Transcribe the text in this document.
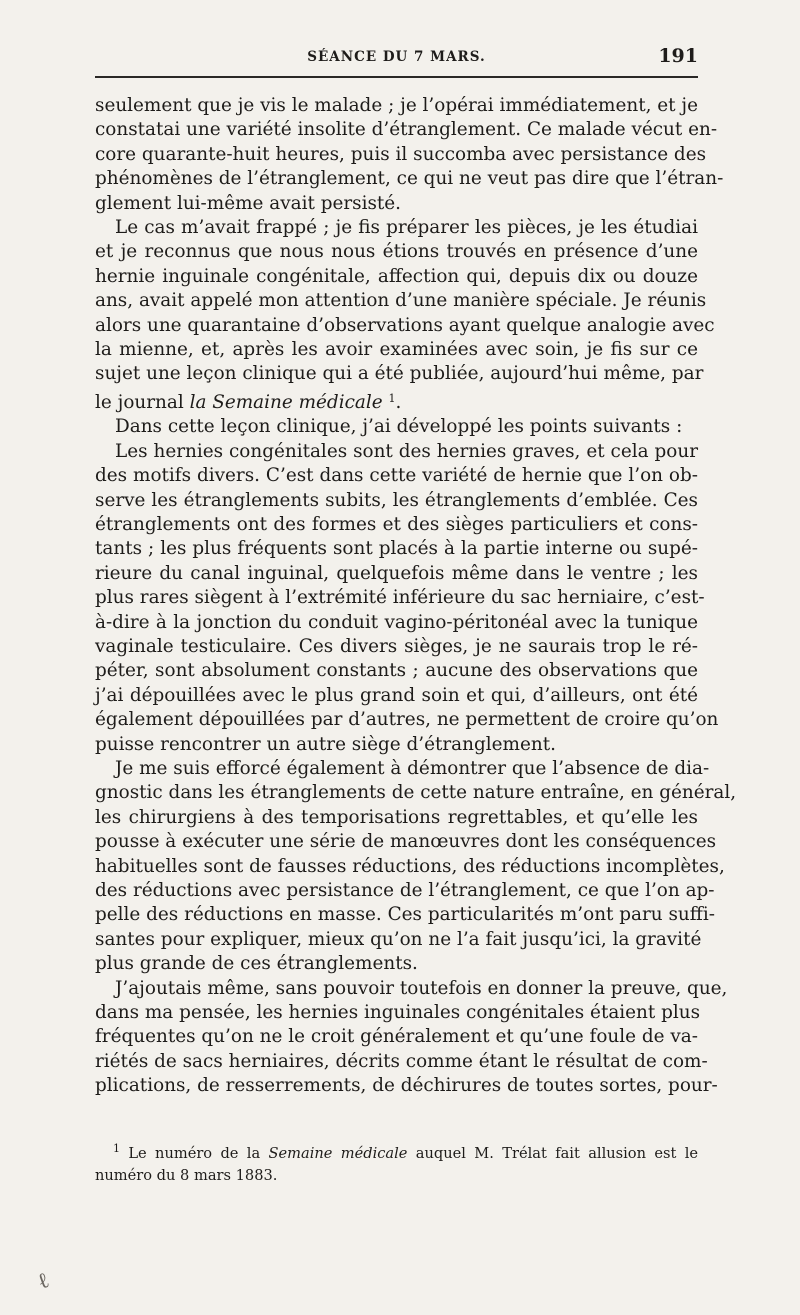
SÉANCE DU 7 MARS.	191
seulement que je vis le malade ; je l’opérai immédiatement, et je
constatai une variété insolite d’étranglement. Ce malade vécut en-
core quarante-huit heures, puis il succomba avec persistance des
phénomènes de l’étranglement, ce qui ne veut pas dire que l’étran-
glement lui-même avait persisté.
Le cas m’avait frappé ; je fis préparer les pièces, je les étudiai
et je reconnus que nous nous étions trouvés en présence d’une
hernie inguinale congénitale, affection qui, depuis dix ou douze
ans, avait appelé mon attention d’une manière spéciale. Je réunis
alors une quarantaine d’observations ayant quelque analogie avec
la mienne, et, après les avoir examinées avec soin, je fis sur ce
sujet une leçon clinique qui a été publiée, aujourd’hui même, par
le journal la Semaine médicale $^1$.
Dans cette leçon clinique, j’ai développé les points suivants :
Les hernies congénitales sont des hernies graves, et cela pour
des motifs divers. C’est dans cette variété de hernie que l’on ob-
serve les étranglements subits, les étranglements d’emblée. Ces
étranglements ont des formes et des sièges particuliers et cons-
tants ; les plus fréquents sont placés à la partie interne ou supé-
rieure du canal inguinal, quelquefois même dans le ventre ; les
plus rares siègent à l’extrémité inférieure du sac herniaire, c’est-
à-dire à la jonction du conduit vagino-péritonéal avec la tunique
vaginale testiculaire. Ces divers sièges, je ne saurais trop le ré-
péter, sont absolument constants ; aucune des observations que
j’ai dépouillées avec le plus grand soin et qui, d’ailleurs, ont été
également dépouillées par d’autres, ne permettent de croire qu’on
puisse rencontrer un autre siège d’étranglement.
Je me suis efforcé également à démontrer que l’absence de dia-
gnostic dans les étranglements de cette nature entraîne, en général,
les chirurgiens à des temporisations regrettables, et qu’elle les
pousse à exécuter une série de manœuvres dont les conséquences
habituelles sont de fausses réductions, des réductions incomplètes,
des réductions avec persistance de l’étranglement, ce que l’on ap-
pelle des réductions en masse. Ces particularités m’ont paru suffi-
santes pour expliquer, mieux qu’on ne l’a fait jusqu’ici, la gravité
plus grande de ces étranglements.
J’ajoutais même, sans pouvoir toutefois en donner la preuve, que,
dans ma pensée, les hernies inguinales congénitales étaient plus
fréquentes qu’on ne le croit généralement et qu’une foule de va-
riétés de sacs herniaires, décrits comme étant le résultat de com-
plications, de resserrements, de déchirures de toutes sortes, pour-
$^1$ Le numéro de la Semaine médicale auquel M. Trélat fait allusion est le
numéro du 8 mars 1883.
ℓ
